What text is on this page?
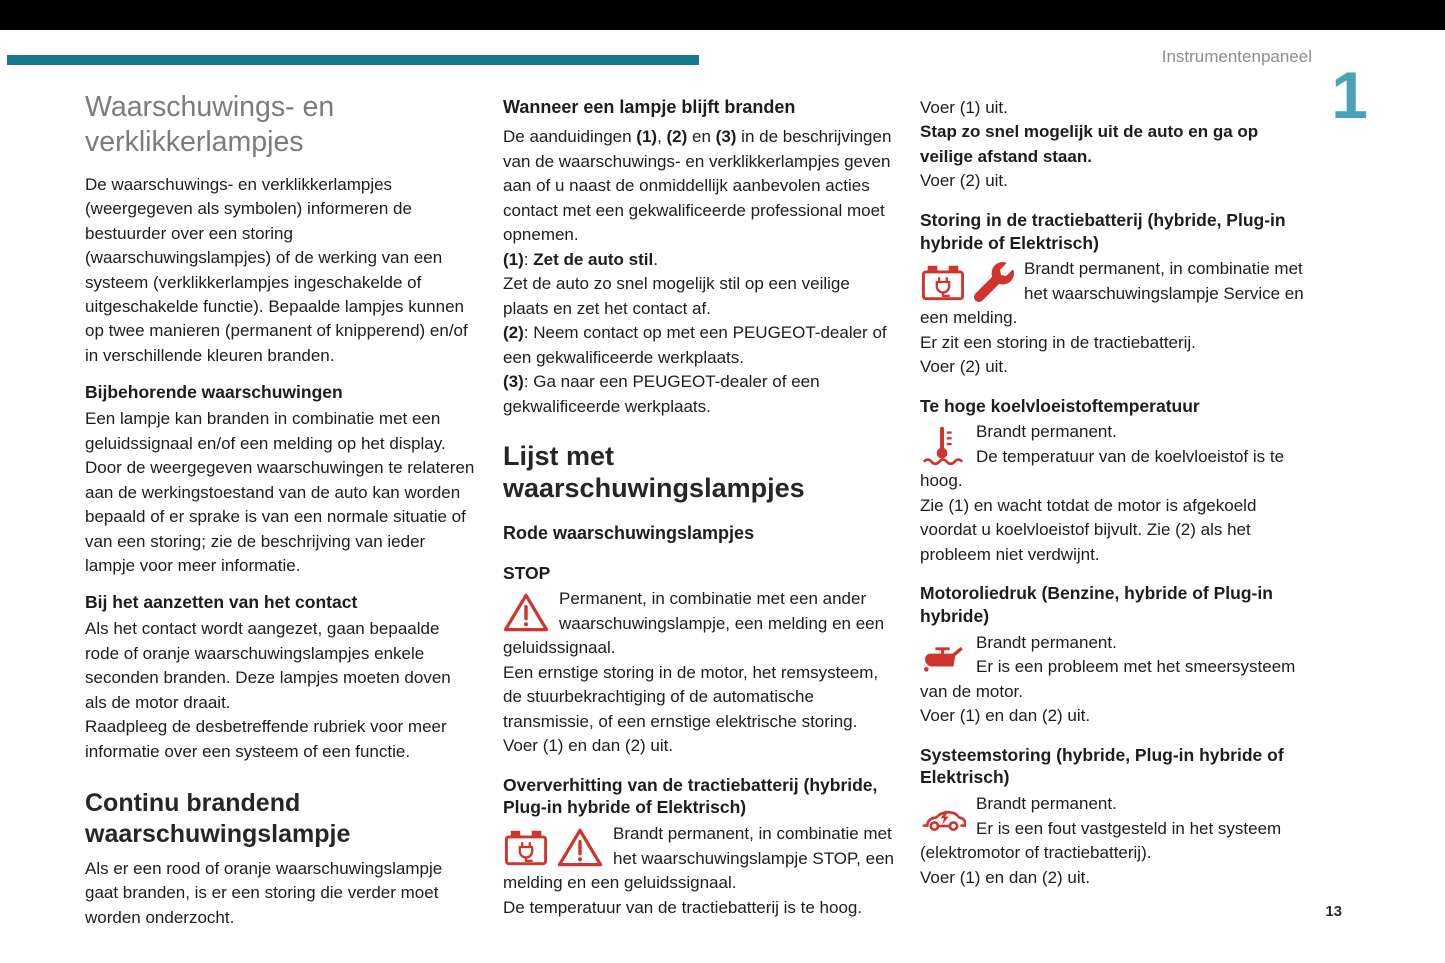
Instrumentenpaneel
1
13
Waarschuwings- en verklikkerlampjes

De waarschuwings- en verklikkerlampjes (weergegeven als symbolen) informeren de bestuurder over een storing (waarschuwingslampjes) of de werking van een systeem (verklikkerlampjes ingeschakelde of uitgeschakelde functie). Bepaalde lampjes kunnen op twee manieren (permanent of knipperend) en/of in verschillende kleuren branden.

Bijbehorende waarschuwingen

Een lampje kan branden in combinatie met een geluidssignaal en/of een melding op het display.

Door de weergegeven waarschuwingen te relateren aan de werkingstoestand van de auto kan worden bepaald of er sprake is van een normale situatie of van een storing; zie de beschrijving van ieder lampje voor meer informatie.

Bij het aanzetten van het contact

Als het contact wordt aangezet, gaan bepaalde rode of oranje waarschuwingslampjes enkele seconden branden. Deze lampjes moeten doven als de motor draait.

Raadpleeg de desbetreffende rubriek voor meer informatie over een systeem of een functie.

Continu brandend waarschuwingslampje

Als er een rood of oranje waarschuwingslampje gaat branden, is er een storing die verder moet worden onderzocht.

Wanneer een lampje blijft branden

De aanduidingen (1), (2) en (3) in de beschrijvingen van de waarschuwings- en verklikkerlampjes geven aan of u naast de onmiddellijk aanbevolen acties contact met een gekwalificeerde professional moet opnemen.

(1): Zet de auto stil.

Zet de auto zo snel mogelijk stil op een veilige plaats en zet het contact af.

(2): Neem contact op met een PEUGEOT-dealer of een gekwalificeerde werkplaats.

(3): Ga naar een PEUGEOT-dealer of een gekwalificeerde werkplaats.

Lijst met waarschuwingslampjes
Rode waarschuwingslampjes
STOP

Permanent, in combinatie met een ander waarschuwingslampje, een melding en een geluidssignaal.

Een ernstige storing in de motor, het remsysteem, de stuurbekrachtiging of de automatische transmissie, of een ernstige elektrische storing.

Voer (1) en dan (2) uit.

Oververhitting van de tractiebatterij (hybride, Plug-in hybride of Elektrisch)

Brandt permanent, in combinatie met het waarschuwingslampje STOP, een melding en een geluidssignaal.

De temperatuur van de tractiebatterij is te hoog.

Voer (1) uit.

Stap zo snel mogelijk uit de auto en ga op veilige afstand staan.

Voer (2) uit.

Storing in de tractiebatterij (hybride, Plug-in hybride of Elektrisch)

Brandt permanent, in combinatie met het waarschuwingslampje Service en een melding.

Er zit een storing in de tractiebatterij.

Voer (2) uit.

Te hoge koelvloeistoftemperatuur

Brandt permanent.

De temperatuur van de koelvloeistof is te hoog.

Zie (1) en wacht totdat de motor is afgekoeld voordat u koelvloeistof bijvult. Zie (2) als het probleem niet verdwijnt.

Motoroliedruk (Benzine, hybride of Plug-in hybride)

Brandt permanent.

Er is een probleem met het smeersysteem van de motor.

Voer (1) en dan (2) uit.

Systeemstoring (hybride, Plug-in hybride of Elektrisch)

Brandt permanent.

Er is een fout vastgesteld in het systeem (elektromotor of tractiebatterij).

Voer (1) en dan (2) uit.
